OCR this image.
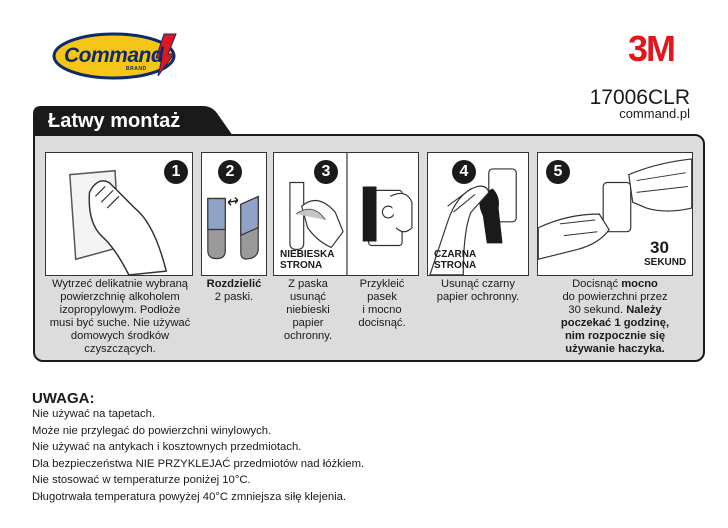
Command
BRAND	3M
17006CLR
command.pl
Łatwy montaż
1
Wytrzeć delikatnie wybraną
powierzchnię alkoholem
izopropylowym. Podłoże
musi być suche. Nie używać
domowych środków
czyszczących.
2
Rozdzielić
2 paski.
3
NIEBIESKA
STRONA
Z paska
usunąć
niebieski
papier
ochronny.
Przykleić
pasek
i mocno
docisnąć.
4
CZARNA
STRONA
Usunąć czarny
papier ochronny.
5
30
SEKUND
Docisnąć mocno
do powierzchni przez
30 sekund. Należy
poczekać 1 godzinę,
nim rozpocznie się
używanie haczyka.
UWAGA:
Nie używać na tapetach.
Może nie przylegać do powierzchni winylowych.
Nie używać na antykach i kosztownych przedmiotach.
Dla bezpieczeństwa NIE PRZYKLEJAĆ przedmiotów nad łóżkiem.
Nie stosować w temperaturze poniżej 10°C.
Długotrwała temperatura powyżej 40°C zmniejsza siłę klejenia.
